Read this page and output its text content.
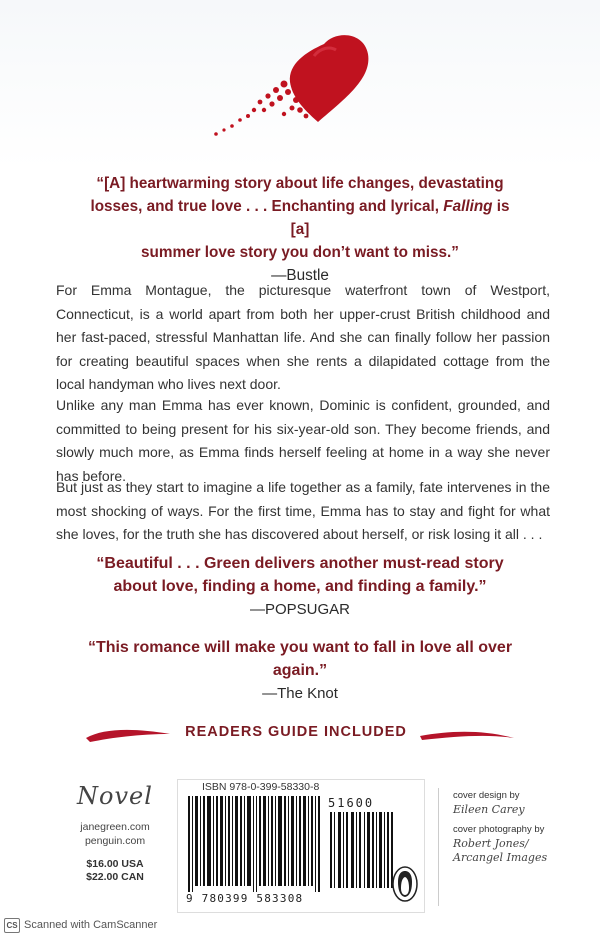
“[A] heartwarming story about life changes, devastating
losses, and true love . . . Enchanting and lyrical, Falling is [a]
summer love story you don’t want to miss.”
—Bustle
For Emma Montague, the picturesque waterfront town of Westport, Connecticut, is a world apart from both her upper-crust British childhood and her fast-paced, stressful Manhattan life. And she can finally follow her passion for creating beautiful spaces when she rents a dilapidated cottage from the local handyman who lives next door.
Unlike any man Emma has ever known, Dominic is confident, grounded, and committed to being present for his six-year-old son. They become friends, and slowly much more, as Emma finds herself feeling at home in a way she never has before.
But just as they start to imagine a life together as a family, fate intervenes in the most shocking of ways. For the first time, Emma has to stay and fight for what she loves, for the truth she has discovered about herself, or risk losing it all . . .
“Beautiful . . . Green delivers another must-read story
about love, finding a home, and finding a family.”
—POPSUGAR
“This romance will make you want to fall in love all over again.”
—The Knot
READERS GUIDE INCLUDED
Novel
janegreen.com
penguin.com
$16.00 USA
$22.00 CAN
ISBN 978-0-399-58330-8
51600
9 780399 583308
cover design by
Eileen Carey
cover photography by
Robert Jones/
Arcangel Images
CS Scanned with CamScanner
